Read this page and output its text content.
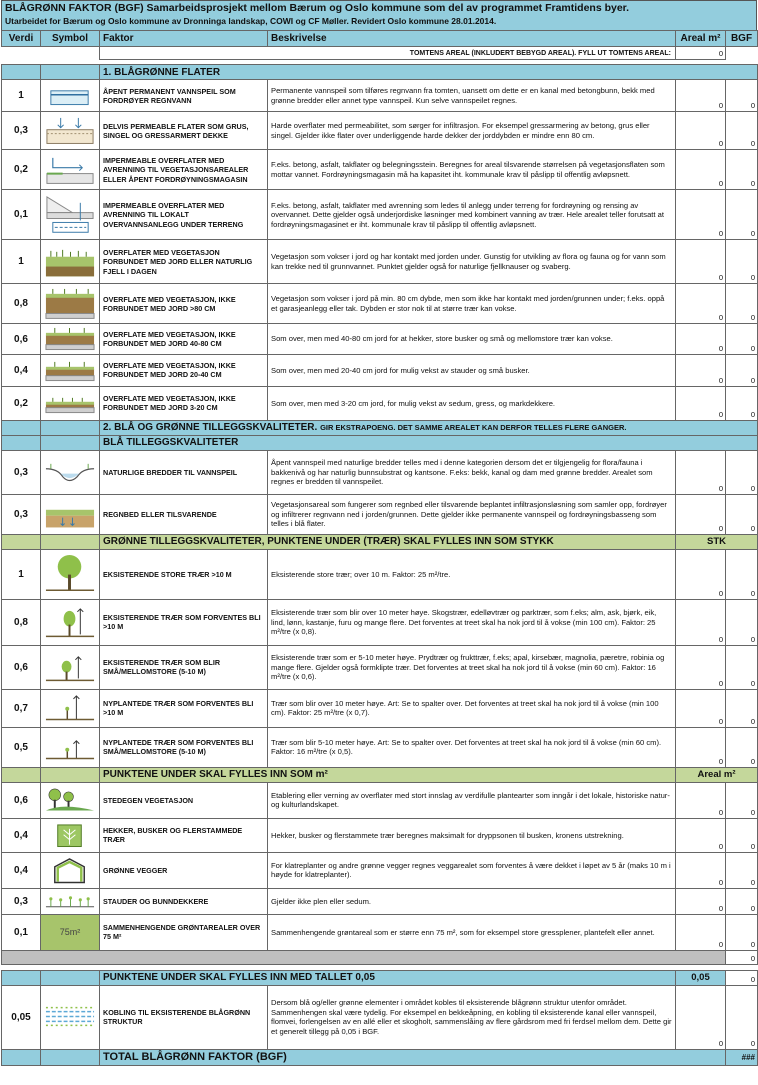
BLÅGRØNN FAKTOR (BGF) Samarbeidsprosjekt mellom Bærum og Oslo kommune som del av programmet Framtidens byer.
Utarbeidet for Bærum og Oslo kommune av Dronninga landskap, COWI og CF Møller. Revidert Oslo kommune 28.01.2014.
Verdi	Symbol	Faktor	Beskrivelse	Areal m²	BGF
		TOMTENS AREAL (INKLUDERT BEBYGD AREAL). FYLL UT TOMTENS AREAL:		0	

		1. BLÅGRØNNE FLATER			
1		ÅPENT PERMANENT VANNSPEIL SOM FORDRØYER REGNVANN	Permanente vannspeil som tilføres regnvann fra tomten, uansett om dette er en kanal med betongbunn, bekk med grønne bredder eller annet type vannspeil. Kun selve vannspeilet regnes.	0	0
0,3		DELVIS PERMEABLE FLATER SOM GRUS, SINGEL OG GRESSARMERT DEKKE	Harde overflater med permeabilitet, som sørger for infiltrasjon. For eksempel gressarmering av betong, grus eller singel. Gjelder ikke flater over underliggende harde dekker der jorddybden er mindre enn 80 cm.	0	0
0,2		IMPERMEABLE OVERFLATER MED AVRENNING TIL VEGETASJONSAREALER ELLER ÅPENT FORDRØYNINGSMAGASIN	F.eks. betong, asfalt, takflater og belegningsstein. Beregnes for areal tilsvarende størrelsen på vegetasjonsflaten som mottar vannet. Fordrøyningsmagasin må ha kapasitet iht. kommunale krav til påslipp til offentlig avløpsnett.	0	0
0,1		IMPERMEABLE OVERFLATER MED AVRENNING TIL LOKALT OVERVANNSANLEGG UNDER TERRENG	F.eks. betong, asfalt, takflater med avrenning som ledes til anlegg under terreng for fordrøyning og rensing av overvannet. Dette gjelder også underjordiske løsninger med kombinert vanning av trær. Hele arealet teller forutsatt at fordrøyningsmagasinet er iht. kommunale krav til påslipp til offentlig avløpsnett.	0	0
1		OVERFLATER MED VEGETASJON FORBUNDET MED JORD ELLER NATURLIG FJELL I DAGEN	Vegetasjon som vokser i jord og har kontakt med jorden under. Gunstig for utvikling av flora og fauna og for vann som kan trekke ned til grunnvannet. Punktet gjelder også for naturlige fjellknauser og svaberg.	0	0
0,8		OVERFLATE MED VEGETASJON, IKKE FORBUNDET MED JORD >80 CM	Vegetasjon som vokser i jord på min. 80 cm dybde, men som ikke har kontakt med jorden/grunnen under; f.eks. oppå et garasjeanlegg eller tak. Dybden er stor nok til at større trær kan vokse.	0	0
0,6		OVERFLATE MED VEGETASJON, IKKE FORBUNDET MED JORD 40-80 CM	Som over, men med 40-80 cm jord for at hekker, store busker og små og mellomstore trær kan vokse.	0	0
0,4		OVERFLATE MED VEGETASJON, IKKE FORBUNDET MED JORD 20-40 CM	Som over, men med 20-40 cm jord for mulig vekst av stauder og små busker.	0	0
0,2		OVERFLATE MED VEGETASJON, IKKE FORBUNDET MED JORD 3-20 CM	Som over, men med 3-20 cm jord, for mulig vekst av sedum, gress, og markdekkere.	0	0
		2. BLÅ OG GRØNNE TILLEGGSKVALITETER. GIR EKSTRAPOENG. DET SAMME AREALET KAN DERFOR TELLES FLERE GANGER.			
		BLÅ TILLEGGSKVALITETER			
0,3		NATURLIGE BREDDER TIL VANNSPEIL	Åpent vannspeil med naturlige bredder telles med i denne kategorien dersom det er tilgjengelig for flora/fauna i bakkenivå og har naturlig bunnsubstrat og kantsone. F.eks: bekk, kanal og dam med grønne bredder. Arealet som regnes er bredden til vannspeilet.	0	0
0,3		REGNBED ELLER TILSVARENDE	Vegetasjonsareal som fungerer som regnbed eller tilsvarende beplantet infiltrasjonsløsning som samler opp, fordrøyer og infiltrerer regnvann ned i jorden/grunnen. Dette gjelder ikke permanente vannspeil og fordrøyningsbasseng som telles i blå flater.	0	0
		GRØNNE TILLEGGSKVALITETER, PUNKTENE UNDER (TRÆR) SKAL FYLLES INN SOM STYKK		STK	
1		EKSISTERENDE STORE TRÆR >10 M	Eksisterende store trær; over 10 m. Faktor: 25 m²/tre.	0	0
0,8		EKSISTERENDE TRÆR SOM FORVENTES BLI >10 M	Eksisterende trær som blir over 10 meter høye. Skogstrær, edelløvtrær og parktrær, som f.eks; alm, ask, bjørk, eik, lind, lønn, kastanje, furu og mange flere. Det forventes at treet skal ha nok jord til å vokse (min 100 cm). Faktor: 25 m²/tre (x 0,8).	0	0
0,6		EKSISTERENDE TRÆR SOM BLIR SMÅ/MELLOMSTORE (5-10 M)	Eksisterende trær som er 5-10 meter høye. Prydtrær og frukttrær, f.eks; apal, kirsebær, magnolia, pæretre, robinia og mange flere. Gjelder også formklipte trær. Det forventes at treet skal ha nok jord til å vokse (min 60 cm). Faktor: 16 m²/tre (x 0,6).	0	0
0,7		NYPLANTEDE TRÆR SOM FORVENTES BLI >10 M	Trær som blir over 10 meter høye. Art: Se to spalter over. Det forventes at treet skal ha nok jord til å vokse (min 100 cm). Faktor: 25 m²/tre (x 0,7).	0	0
0,5		NYPLANTEDE TRÆR SOM FORVENTES BLI SMÅ/MELLOMSTORE (5-10 M)	Trær som blir 5-10 meter høye. Art: Se to spalter over. Det forventes at treet skal ha nok jord til å vokse (min 60 cm). Faktor: 16 m²/tre (x 0,5).	0	0
		PUNKTENE UNDER SKAL FYLLES INN SOM m²		Areal m²	
0,6		STEDEGEN VEGETASJON	Etablering eller verning av overflater med stort innslag av verdifulle plantearter som inngår i det lokale, historiske natur- og kulturlandskapet.	0	0
0,4		HEKKER, BUSKER OG FLERSTAMMEDE TRÆR	Hekker, busker og flerstammete trær beregnes maksimalt for dryppsonen til busken, kronens utstrekning.	0	0
0,4		GRØNNE VEGGER	For klatreplanter og andre grønne vegger regnes veggarealet som forventes å være dekket i løpet av 5 år (maks 10 m i høyde for klatreplanter).	0	0
0,3		STAUDER OG BUNNDEKKERE	Gjelder ikke plen eller sedum.	0	0
0,1	75m²	SAMMENHENGENDE GRØNTAREALER OVER 75 M²	Sammenhengende grøntareal som er større enn 75 m², som for eksempel store gressplener, plantefelt eller annet.	0	0
					0

		PUNKTENE UNDER SKAL FYLLES INN MED TALLET 0,05		0,05	0
0,05		KOBLING TIL EKSISTERENDE BLÅGRØNN STRUKTUR	Dersom blå og/eller grønne elementer i området kobles til eksisterende blågrønn struktur utenfor området. Sammenhengen skal være tydelig. For eksempel en bekkeåpning, en kobling til eksisterende kanal eller vannspeil, flomvei, forlengelsen av en allé eller et skogholt, sammenslåing av flere gårdsrom med fri ferdsel mellom dem. Dette gir et generelt tillegg på 0,05 i BGF.	0	0
		TOTAL BLÅGRØNN FAKTOR (BGF)			###
